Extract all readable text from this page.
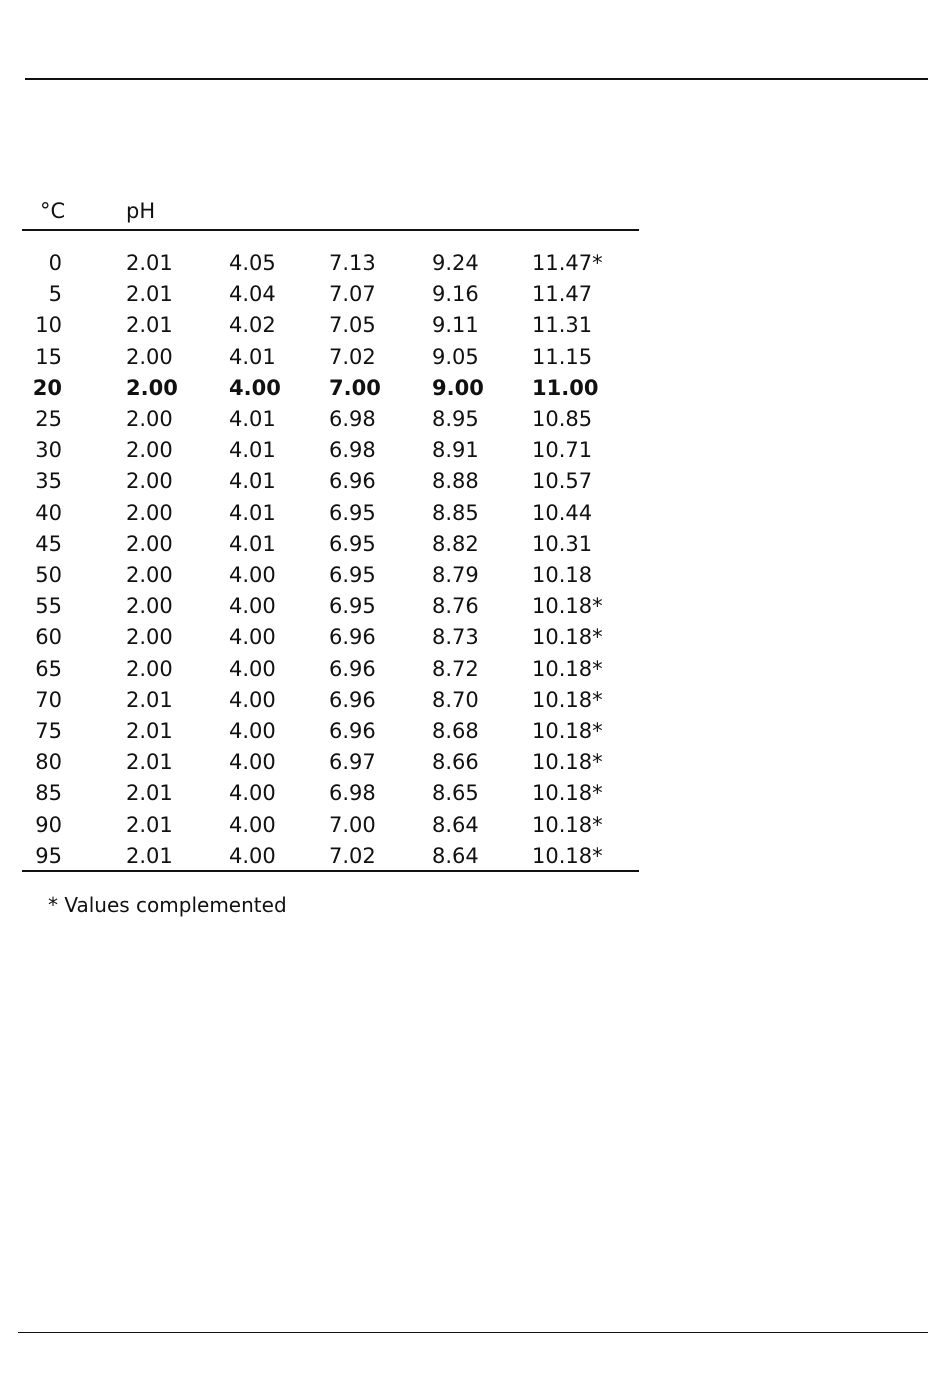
°C	pH
0	2.01	4.05	7.13	9.24	11.47*
5	2.01	4.04	7.07	9.16	11.47
10	2.01	4.02	7.05	9.11	11.31
15	2.00	4.01	7.02	9.05	11.15
20	2.00 4.00 7.00 9.00 11.00
25	2.00	4.01	6.98	8.95	10.85
30	2.00	4.01	6.98	8.91	10.71
35	2.00	4.01	6.96	8.88	10.57
40	2.00	4.01	6.95	8.85	10.44
45	2.00	4.01	6.95	8.82	10.31
50	2.00	4.00	6.95	8.79	10.18
55	2.00	4.00	6.95	8.76	10.18*
60	2.00	4.00	6.96	8.73	10.18*
65	2.00	4.00	6.96	8.72	10.18*
70	2.01	4.00	6.96	8.70	10.18*
75	2.01	4.00	6.96	8.68	10.18*
80	2.01	4.00	6.97	8.66	10.18*
85	2.01	4.00	6.98	8.65	10.18*
90	2.01	4.00	7.00	8.64	10.18*
95	2.01	4.00	7.02	8.64	10.18*
* Values complemented
